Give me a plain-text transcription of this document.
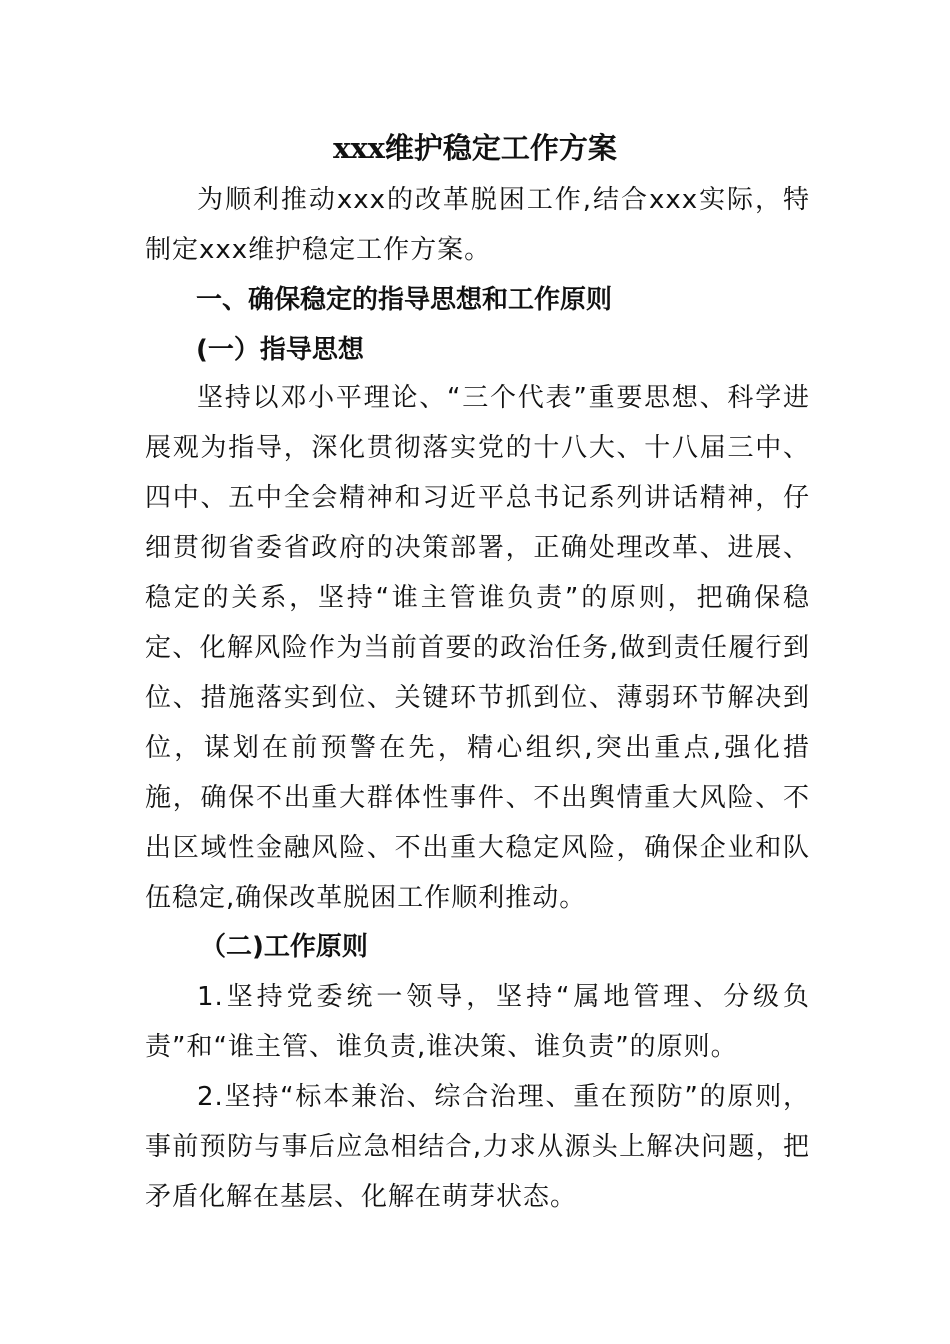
xxx维护稳定工作方案

为顺利推动xxx的改革脱困工作,结合xxx实际，特制定xxx维护稳定工作方案。

一、确保稳定的指导思想和工作原则
(一）指导思想

坚持以邓小平理论、“三个代表”重要思想、科学进展观为指导，深化贯彻落实党的十八大、十八届三中、四中、五中全会精神和习近平总书记系列讲话精神，仔细贯彻省委省政府的决策部署，正确处理改革、进展、稳定的关系，坚持“谁主管谁负责”的原则，把确保稳定、化解风险作为当前首要的政治任务,做到责任履行到位、措施落实到位、关键环节抓到位、薄弱环节解决到位，谋划在前预警在先，精心组织,突出重点,强化措施，确保不出重大群体性事件、不出舆情重大风险、不出区域性金融风险、不出重大稳定风险，确保企业和队伍稳定,确保改革脱困工作顺利推动。

（二)工作原则

1.坚持党委统一领导，坚持“属地管理、分级负责”和“谁主管、谁负责,谁决策、谁负责”的原则。

2.坚持“标本兼治、综合治理、重在预防”的原则，事前预防与事后应急相结合,力求从源头上解决问题，把矛盾化解在基层、化解在萌芽状态。
